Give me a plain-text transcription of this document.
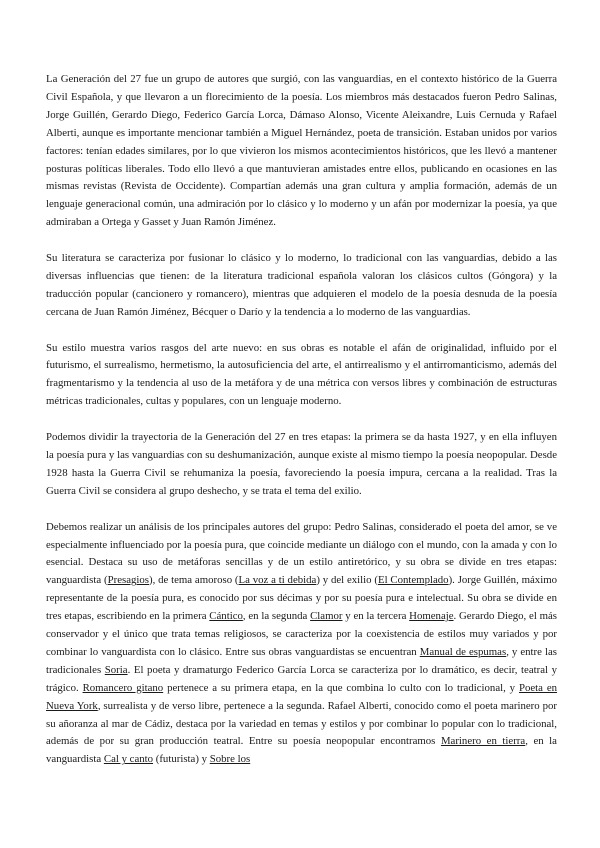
La Generación del 27 fue un grupo de autores que surgió, con las vanguardias, en el contexto histórico de la Guerra Civil Española, y que llevaron a un florecimiento de la poesía. Los miembros más destacados fueron Pedro Salinas, Jorge Guillén, Gerardo Diego, Federico García Lorca, Dámaso Alonso, Vicente Aleixandre, Luis Cernuda y Rafael Alberti, aunque es importante mencionar también a Miguel Hernández, poeta de transición. Estaban unidos por varios factores: tenían edades similares, por lo que vivieron los mismos acontecimientos históricos, que les llevó a mantener posturas políticas liberales. Todo ello llevó a que mantuvieran amistades entre ellos, publicando en ocasiones en las mismas revistas (Revista de Occidente). Compartían además una gran cultura y amplia formación, además de un lenguaje generacional común, una admiración por lo clásico y lo moderno y un afán por modernizar la poesía, ya que admiraban a Ortega y Gasset y Juan Ramón Jiménez.

Su literatura se caracteriza por fusionar lo clásico y lo moderno, lo tradicional con las vanguardias, debido a las diversas influencias que tienen: de la literatura tradicional española valoran los clásicos cultos (Góngora) y la traducción popular (cancionero y romancero), mientras que adquieren el modelo de la poesía desnuda de la poesía cercana de Juan Ramón Jiménez, Bécquer o Darío y la tendencia a lo moderno de las vanguardias.

Su estilo muestra varios rasgos del arte nuevo: en sus obras es notable el afán de originalidad, influido por el futurismo, el surrealismo, hermetismo, la autosuficiencia del arte, el antirrealismo y el antirromanticismo, además del fragmentarismo y la tendencia al uso de la metáfora y de una métrica con versos libres y combinación de estructuras métricas tradicionales, cultas y populares, con un lenguaje moderno.

Podemos dividir la trayectoria de la Generación del 27 en tres etapas: la primera se da hasta 1927, y en ella influyen la poesía pura y las vanguardias con su deshumanización, aunque existe al mismo tiempo la poesía neopopular. Desde 1928 hasta la Guerra Civil se rehumaniza la poesía, favoreciendo la poesía impura, cercana a la realidad. Tras la Guerra Civil se considera al grupo deshecho, y se trata el tema del exilio.

Debemos realizar un análisis de los principales autores del grupo: Pedro Salinas, considerado el poeta del amor, se ve especialmente influenciado por la poesía pura, que coincide mediante un diálogo con el mundo, con la amada y con lo esencial. Destaca su uso de metáforas sencillas y de un estilo antiretórico, y su obra se divide en tres etapas: vanguardista (Presagios), de tema amoroso (La voz a ti debida) y del exilio (El Contemplado). Jorge Guillén, máximo representante de la poesía pura, es conocido por sus décimas y por su poesía pura e intelectual. Su obra se divide en tres etapas, escribiendo en la primera Cántico, en la segunda Clamor y en la tercera Homenaje. Gerardo Diego, el más conservador y el único que trata temas religiosos, se caracteriza por la coexistencia de estilos muy variados y por combinar lo vanguardista con lo clásico. Entre sus obras vanguardistas se encuentran Manual de espumas, y entre las tradicionales Soria. El poeta y dramaturgo Federico García Lorca se caracteriza por lo dramático, es decir, teatral y trágico. Romancero gitano pertenece a su primera etapa, en la que combina lo culto con lo tradicional, y Poeta en Nueva York, surrealista y de verso libre, pertenece a la segunda. Rafael Alberti, conocido como el poeta marinero por su añoranza al mar de Cádiz, destaca por la variedad en temas y estilos y por combinar lo popular con lo tradicional, además de por su gran producción teatral. Entre su poesía neopopular encontramos Marinero en tierra, en la vanguardista Cal y canto (futurista) y Sobre los
